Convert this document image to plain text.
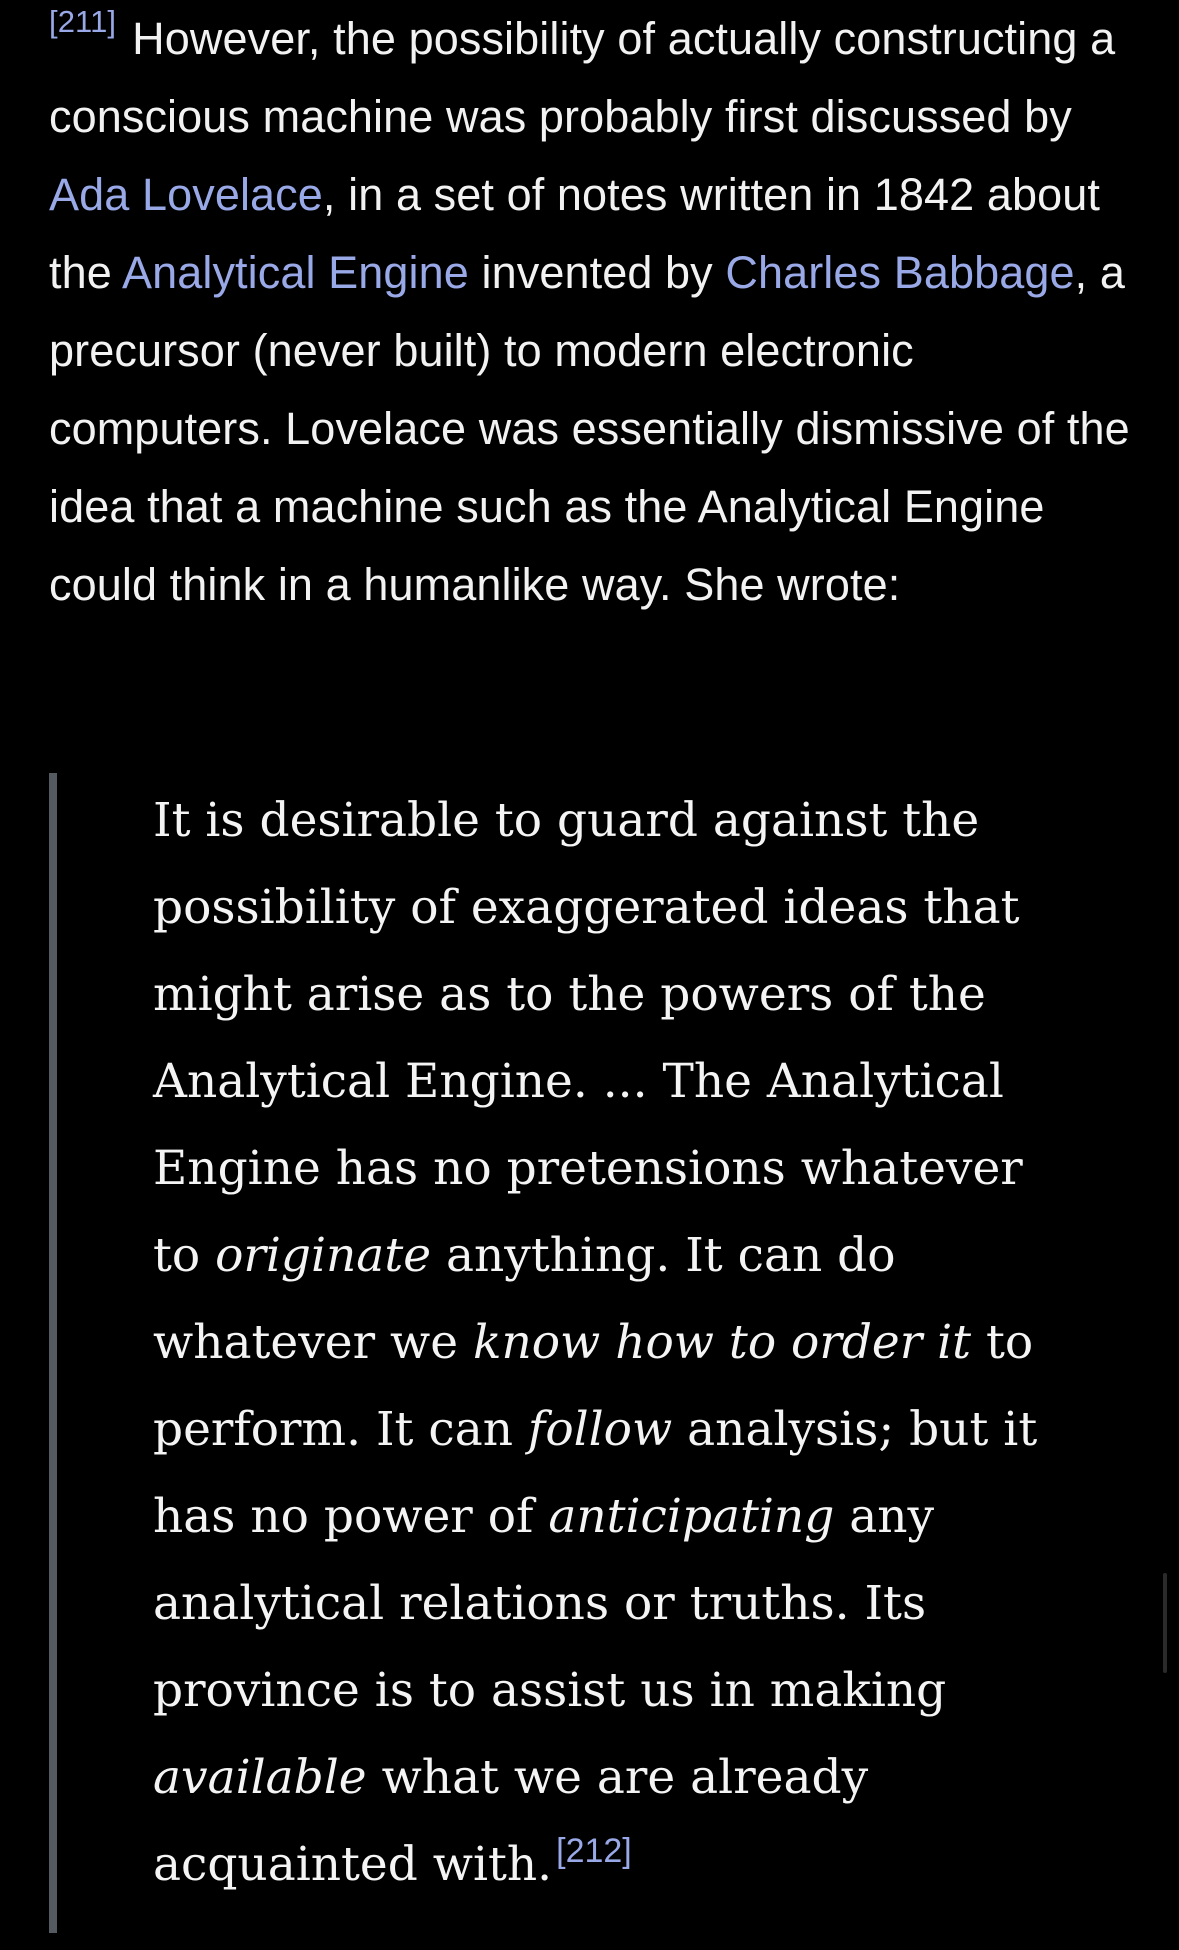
[211] However, the possibility of actually constructing a conscious machine was probably first discussed by Ada Lovelace, in a set of notes written in 1842 about the Analytical Engine invented by Charles Babbage, a precursor (never built) to modern electronic computers. Lovelace was essentially dismissive of the idea that a machine such as the Analytical Engine could think in a humanlike way. She wrote:

It is desirable to guard against the possibility of exaggerated ideas that might arise as to the powers of the Analytical Engine. ... The Analytical Engine has no pretensions whatever to originate anything. It can do whatever we know how to order it to perform. It can follow analysis; but it has no power of anticipating any analytical relations or truths. Its province is to assist us in making available what we are already acquainted with. [212]
